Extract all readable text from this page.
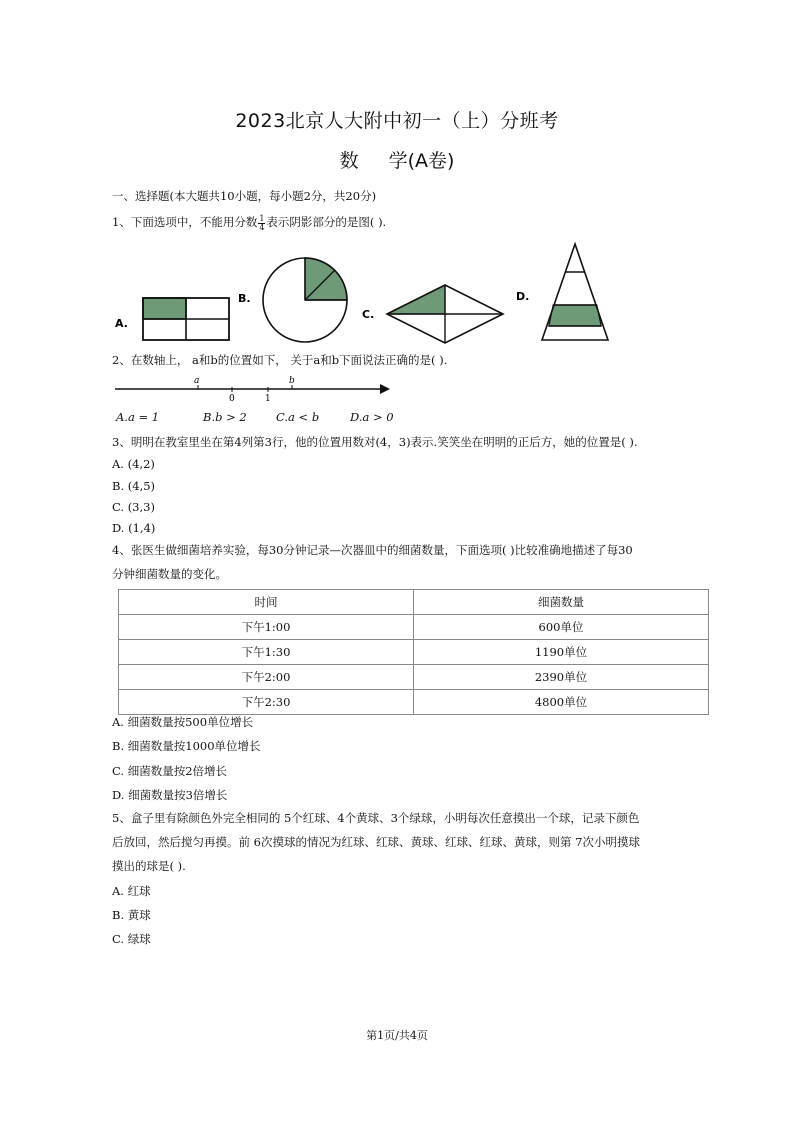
2023北京人大附中初一（上）分班考
数 学(A卷)
一、选择题(本大题共10小题，每小题2分，共20分)
1、下面选项中，不能用分数 $\frac{1}{4}$ 表示阴影部分的是图( ).
A.
B.
C.
D.
2、在数轴上， a和b的位置如下， 关于a和b下面说法正确的是( ).
a
0	1
b
A.a = 1	B.b > 2	C.a < b	D.a > 0
3、明明在教室里坐在第4列第3行，他的位置用数对(4，3)表示.笑笑坐在明明的正后方，她的位置是( ).
A. (4,2)
B. (4,5)
C. (3,3)
D. (1,4)
4、张医生做细菌培养实验，每30分钟记录—次器皿中的细菌数量，下面选项( )比较准确地描述了每30
分钟细菌数量的变化。
时间	细菌数量
下午1:00	600单位
下午1:30	1190单位
下午2:00	2390单位
下午2:30	4800单位
A. 细菌数量按500单位增长
B. 细菌数量按1000单位增长
C. 细菌数量按2倍增长
D. 细菌数量按3倍增长
5、盒子里有除颜色外完全相同的 5个红球、4个黄球、3个绿球，小明每次任意摸出一个球，记录下颜色
后放回，然后搅匀再摸。前 6次摸球的情况为红球、红球、黄球、红球、红球、黄球，则第 7次小明摸球
摸出的球是( ).
A. 红球
B. 黄球
C. 绿球
第1页/共4页
